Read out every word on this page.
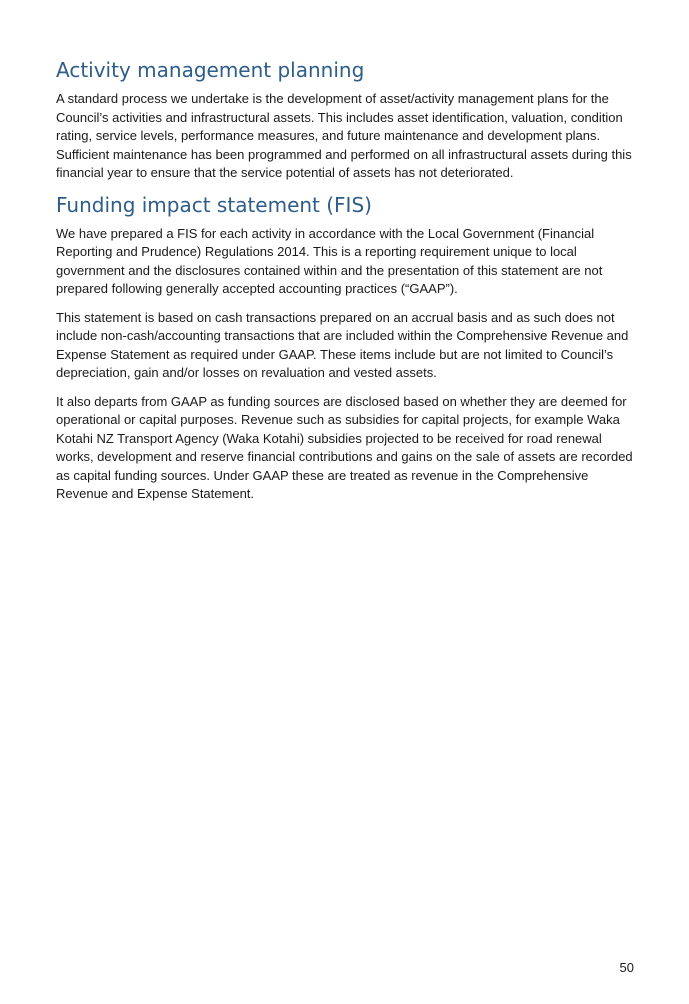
Activity management planning

A standard process we undertake is the development of asset/activity management plans for the Council’s activities and infrastructural assets. This includes asset identification, valuation, condition rating, service levels, performance measures, and future maintenance and development plans. Sufficient maintenance has been programmed and performed on all infrastructural assets during this financial year to ensure that the service potential of assets has not deteriorated.

Funding impact statement (FIS)

We have prepared a FIS for each activity in accordance with the Local Government (Financial Reporting and Prudence) Regulations 2014. This is a reporting requirement unique to local government and the disclosures contained within and the presentation of this statement are not prepared following generally accepted accounting practices (“GAAP”).

This statement is based on cash transactions prepared on an accrual basis and as such does not include non-cash/accounting transactions that are included within the Comprehensive Revenue and Expense Statement as required under GAAP. These items include but are not limited to Council’s depreciation, gain and/or losses on revaluation and vested assets.

It also departs from GAAP as funding sources are disclosed based on whether they are deemed for operational or capital purposes. Revenue such as subsidies for capital projects, for example Waka Kotahi NZ Transport Agency (Waka Kotahi) subsidies projected to be received for road renewal works, development and reserve financial contributions and gains on the sale of assets are recorded as capital funding sources. Under GAAP these are treated as revenue in the Comprehensive Revenue and Expense Statement.

50
